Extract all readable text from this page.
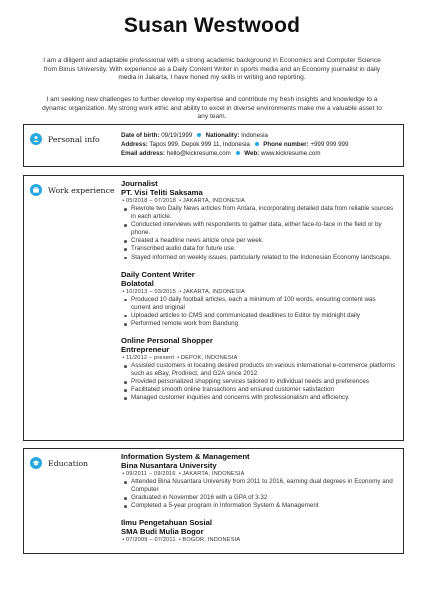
Susan Westwood
I am a diligent and adaptable professional with a strong academic background in Economics and Computer Science from Binus University. With experience as a Daily Content Writer in sports media and an Economy journalist in daily media in Jakarta, I have honed my skills in writing and reporting.
I am seeking new challenges to further develop my expertise and contribute my fresh insights and knowledge to a dynamic organization. My strong work ethic and ability to excel in diverse environments make me a valuable asset to any team.
Personal info	Date of birth: 09/19/1999 Nationality: Indonesia
Address: Tapos 999, Depok 999 11, Indonesia Phone number: +999 999 999
Email address: hello@kickresume.com Web: www.kickresume.com
Work experience
Journalist
PT. Visi Teliti Saksama
•05/2018 – 07/2018 •JAKARTA, INDONESIA
Rewrote two Daily News articles from Antara, incorporating detailed data from reliable sources in each article.
Conducted interviews with respondents to gather data, either face-to-face in the field or by phone.
Created a headline news article once per week.
Transcribed audio data for future use.
Stayed informed on weekly issues, particularly related to the Indonesian Economy landscape.
Daily Content Writer
Bolatotal
•10/2013 – 03/2015 •JAKARTA, INDONESIA
Produced 10 daily football articles, each a minimum of 100 words, ensuring content was current and original
Uploaded articles to CMS and communicated deadlines to Editor by midnight daily
Performed remote work from Bandung
Online Personal Shopper
Entrepreneur
•11/2012 – present •DEPOK, INDONESIA
Assisted customers in locating desired products on various international e-commerce platforms such as eBay, Prodirect, and G2A since 2012
Provided personalized shopping services tailored to individual needs and preferences
Facilitated smooth online transactions and ensured customer satisfaction
Managed customer inquiries and concerns with professionalism and efficiency.
Education
Information System & Management
Bina Nusantara University
•09/2011 – 09/2016 •JAKARTA, INDONESIA
Attended Bina Nusantara University from 2011 to 2016, earning dual degrees in Economy and Computer
Graduated in November 2016 with a GPA of 3.32
Completed a 5-year program in Information System & Management
Ilmu Pengetahuan Sosial
SMA Budi Mulia Bogor
•07/2009 – 07/2011 •BOGOR, INDONESIA
